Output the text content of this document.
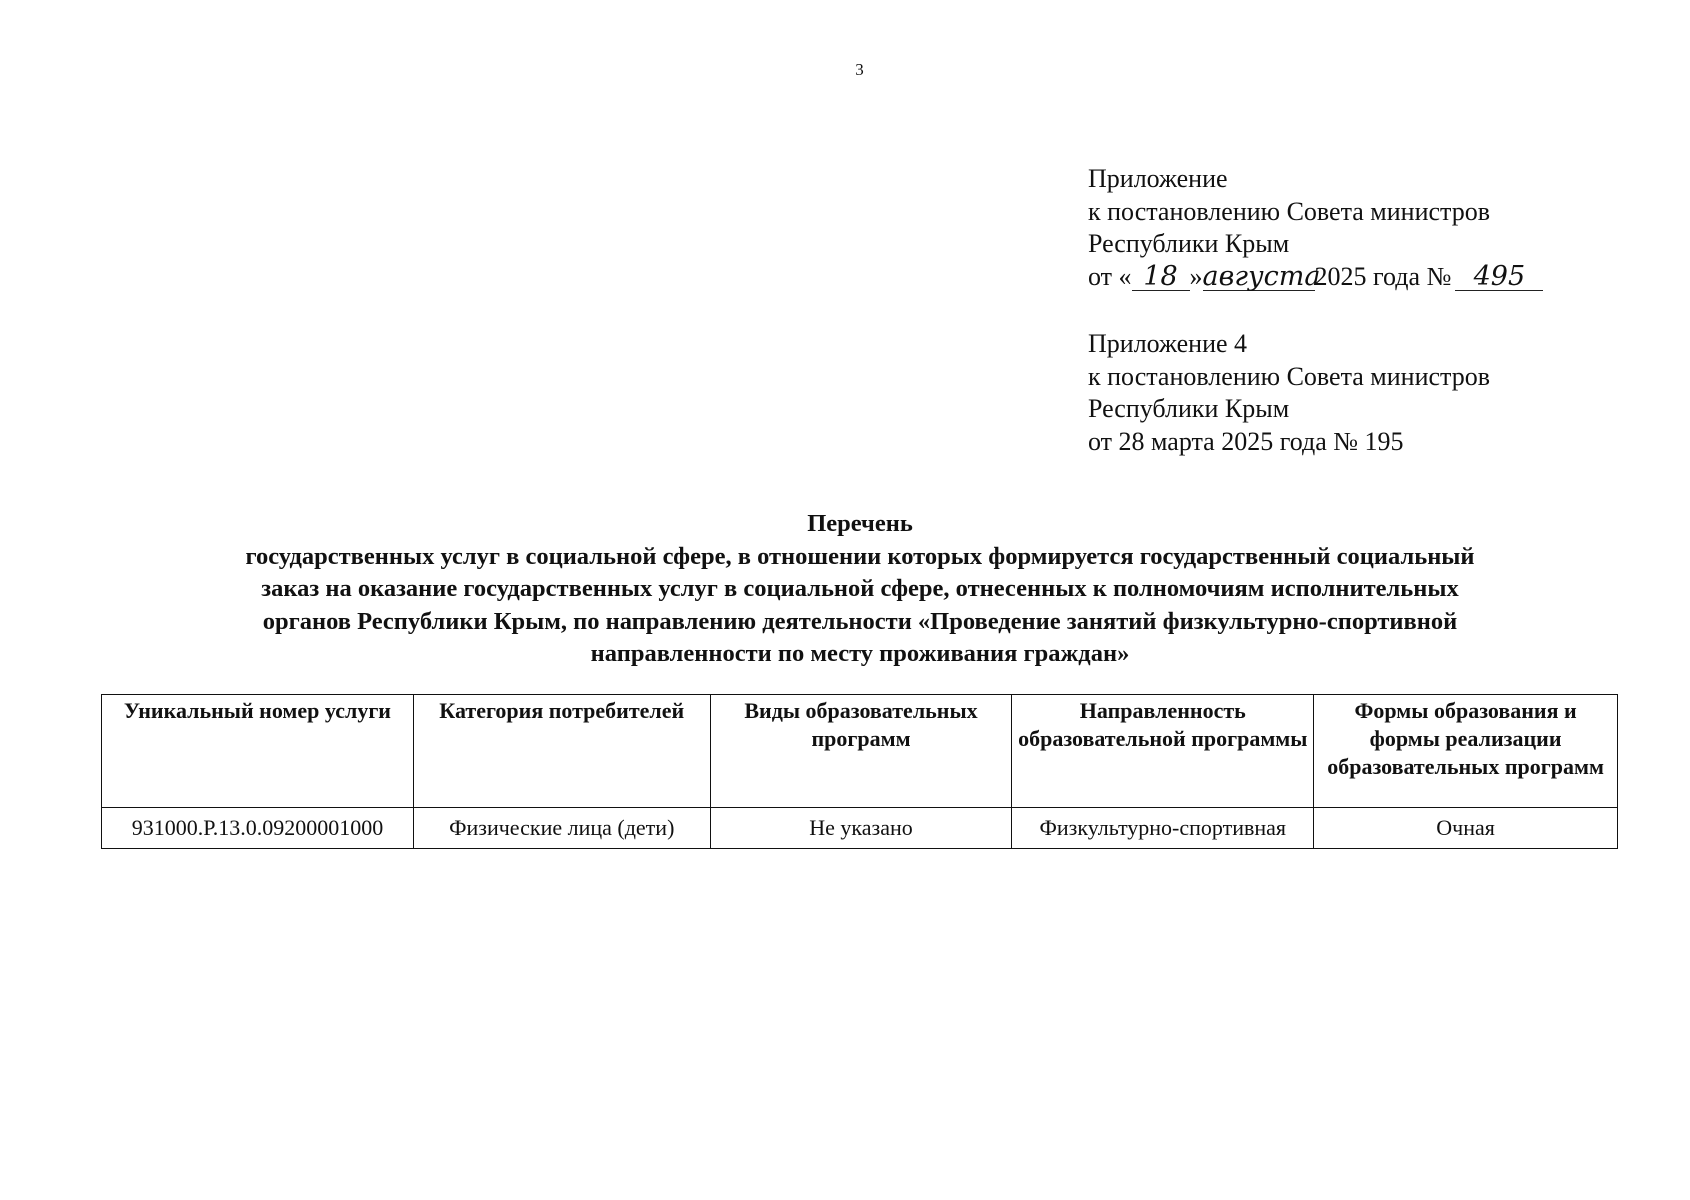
3
Приложение
к постановлению Совета министров
Республики Крым
от « 18 »августа2025 года № 495
Приложение 4
к постановлению Совета министров
Республики Крым
от 28 марта 2025 года № 195
Перечень
государственных услуг в социальной сфере, в отношении которых формируется государственный социальный
заказ на оказание государственных услуг в социальной сфере, отнесенных к полномочиям исполнительных
органов Республики Крым, по направлению деятельности «Проведение занятий физкультурно-спортивной
направленности по месту проживания граждан»
Уникальный номер услуги	Категория потребителей	Виды образовательных программ	Направленность образовательной программы	Формы образования и формы реализации образовательных программ
931000.Р.13.0.09200001000	Физические лица (дети)	Не указано	Физкультурно-спортивная	Очная
